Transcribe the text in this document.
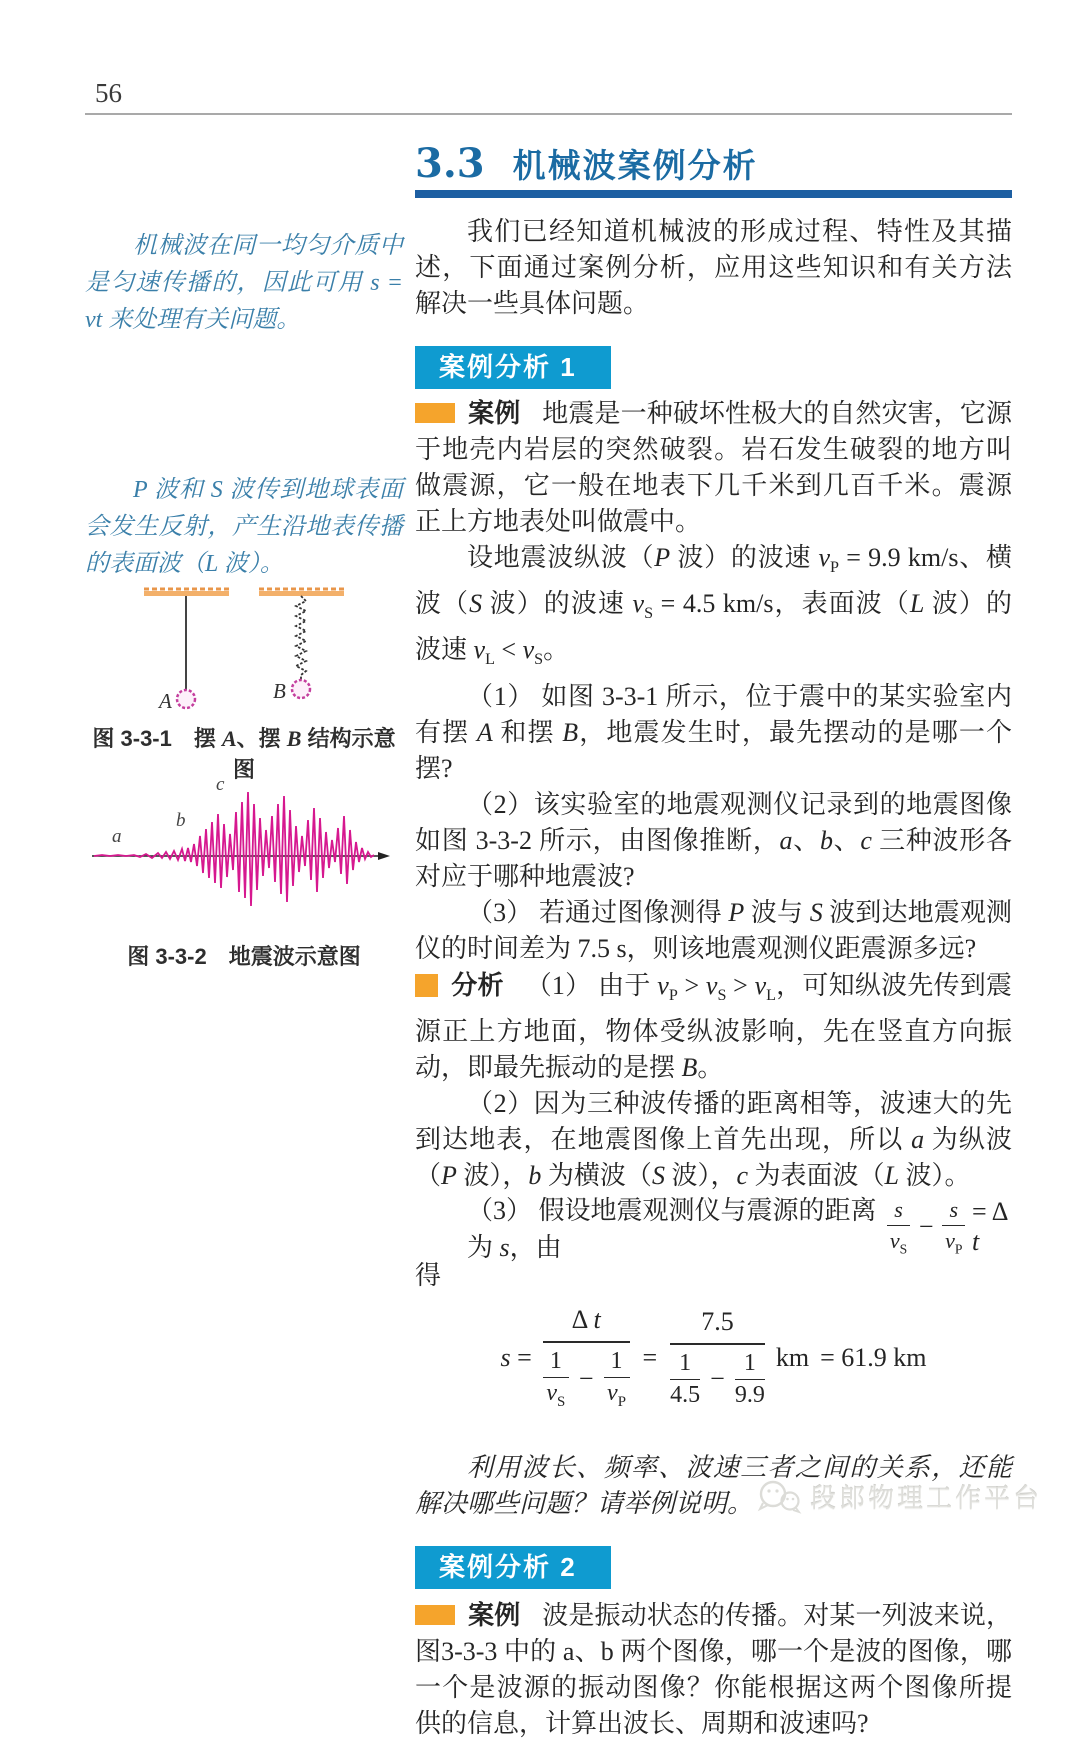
56

机械波在同一均匀介质中是匀速传播的，因此可用 s = vt 来处理有关问题。

P 波和 S 波传到地球表面会发生反射，产生沿地表传播的表面波（L 波）。

A	B

图 3-3-1　摆 A、摆 B 结构示意图

a
b
c

图 3-3-2　地震波示意图

3.3 机械波案例分析

我们已经知道机械波的形成过程、特性及其描述，下面通过案例分析，应用这些知识和有关方法解决一些具体问题。

案例分析 1

案例 地震是一种破坏性极大的自然灾害，它源于地壳内岩层的突然破裂。岩石发生破裂的地方叫做震源，它一般在地表下几千米到几百千米。震源正上方地表处叫做震中。

设地震波纵波（P 波）的波速 $v_P = 9.9$ km/s、横波（S 波）的波速 $v_S = 4.5$ km/s，表面波（L 波）的波速 $v_L < v_S$。

（1） 如图 3-3-1 所示，位于震中的某实验室内有摆 A 和摆 B，地震发生时，最先摆动的是哪一个摆?

（2）该实验室的地震观测仪记录到的地震图像如图 3-3-2 所示，由图像推断，a、b、c 三种波形各对应于哪种地震波?

（3） 若通过图像测得 P 波与 S 波到达地震观测仪的时间差为 7.5 s，则该地震观测仪距震源多远?

分析 （1） 由于 $v_P > v_S > v_L$，可知纵波先传到震源正上方地面，物体受纵波影响，先在竖直方向振动，即最先振动的是摆 B。

（2）因为三种波传播的距离相等，波速大的先到达地表，在地震图像上首先出现，所以 a 为纵波（P 波），b 为横波（S 波），c 为表面波（L 波）。

（3） 假设地震观测仪与震源的距离为 s，由	$\frac{s}{v_S} - \frac{s}{v_P} = \Delta$ t

得

$s = \frac{\text{Δ t}}{\frac{1}{v_S} - \frac{1}{v_P}} = \frac{7.5}{\frac{1}{4.5} - \frac{1}{9.9}}$ km = 61.9 km

利用波长、频率、波速三者之间的关系，还能解决哪些问题？请举例说明。

案例分析 2

案例 波是振动状态的传播。对某一列波来说，图3-3-3 中的 a、b 两个图像，哪一个是波的图像，哪一个是波源的振动图像？你能根据这两个图像所提供的信息，计算出波长、周期和波速吗?

段郎物理工作平台
